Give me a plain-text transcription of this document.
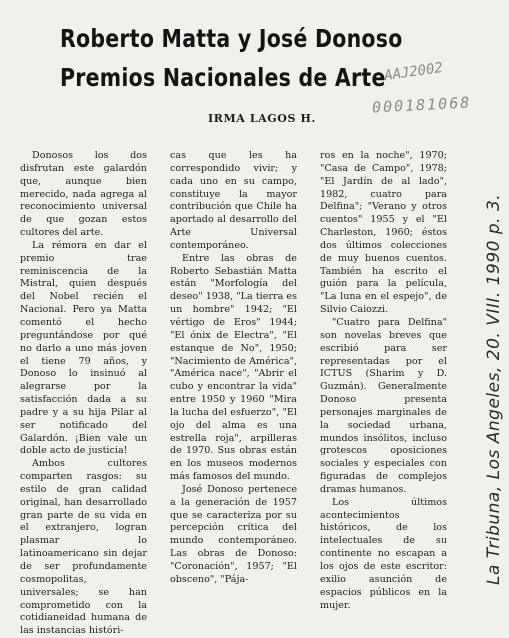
Roberto Matta y José Donoso
Premios Nacionales de Arte
IRMA LAGOS H.
AAJ2002
000181068

Donosos los dos disfrutan este galardón que, aunque bien merecido, nada agrega al reconocimiento universal de que gozan estos cultores del arte.

La rémora en dar el premio trae reminiscencia de la Mistral, quien después del Nobel recién el Nacional. Pero ya Matta comentó el hecho preguntándose por qué no darlo a uno más joven el tiene 79 años, y Donoso lo insinuó al alegrarse por la satisfacción dada a su padre y a su hija Pilar al ser notificado del Galardón. ¡Bien vale un doble acto de justicia!

Ambos cultores comparten rasgos: su estilo de gran calidad original, han desarrollado gran parte de su vida en el extranjero, logran plasmar lo latinoamericano sin dejar de ser profundamente cosmopolitas, universales; se han comprometido con la cotidianeidad humana de las instancias históri-

cas que les ha correspondido vivir; y cada uno en su campo, constituye la mayor contribución que Chile ha aportado al desarrollo del Arte Universal contemporáneo.

Entre las obras de Roberto Sebastián Matta están "Morfología del deseo" 1938, "La tierra es un hombre" 1942; "El vértigo de Eros" 1944; "El ónix de Electra", "El estanque de No", 1950; "Nacimiento de América", "América nace", "Abrir el cubo y encontrar la vida" entre 1950 y 1960 "Mira la lucha del esfuerzo", "El ojo del alma es una estrella roja", arpilleras de 1970. Sus obras están en los museos modernos más famosos del mundo.

José Donoso pertenece a la generación de 1957 que se caracteriza por su percepción crítica del mundo contemporáneo. Las obras de Donoso: "Coronación", 1957; "El obsceno", "Pája-

ros en la noche", 1970; "Casa de Campo", 1978; "El Jardín de al lado", 1982, cuatro para Delfina"; "Verano y otros cuentos" 1955 y el "El Charleston, 1960; éstos dos últimos colecciones de muy buenos cuentos. También ha escrito el guión para la película, "La luna en el espejo", de Silvio Caiozzi.

"Cuatro para Delfina" son novelas breves que escribió para ser representadas por el ICTUS (Sharim y D. Guzmán). Generalmente Donoso presenta personajes marginales de la sociedad urbana, mundos insólitos, incluso grotescos oposiciones sociales y especiales con figuradas de complejos dramas humanos.

Los últimos acontecimientos históricos, de los intelectuales de su continente no escapan a los ojos de este escritor: exilio asunción de espacios públicos en la mujer.

La Tribuna, Los Angeles, 20. VIII. 1990 p. 3.
